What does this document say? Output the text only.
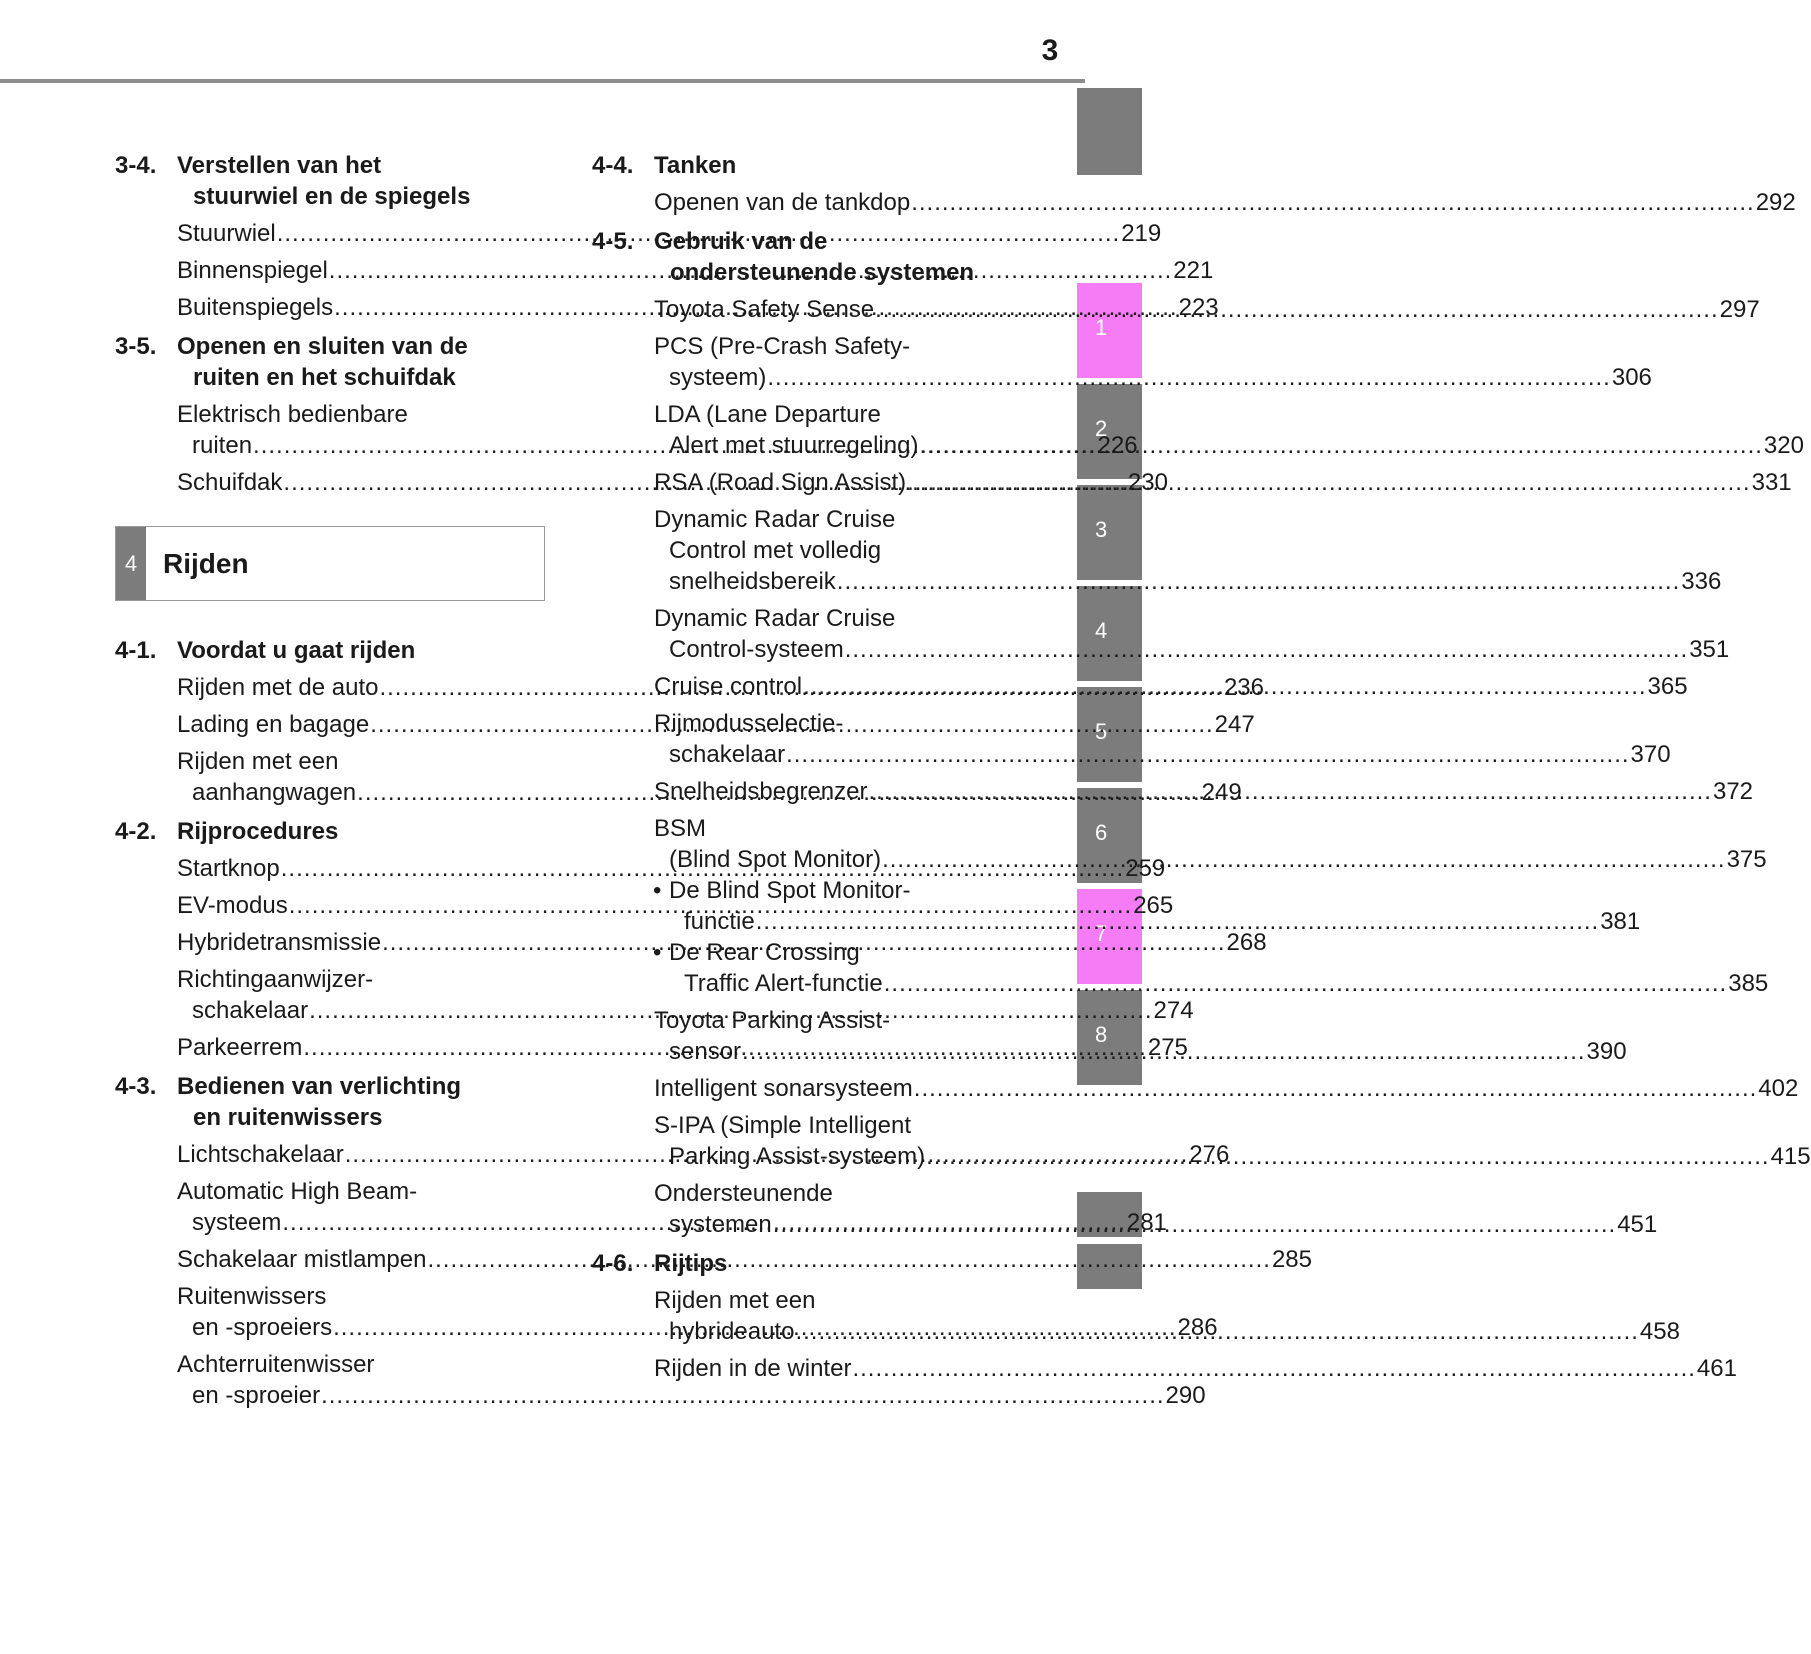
3
1
2
3
4
5
6
7
8
3-4. Verstellen van het
stuurwiel en de spiegels
Stuurwiel .....	219
Binnenspiegel .....	221
Buitenspiegels .....	223
3-5. Openen en sluiten van de
ruiten en het schuifdak
Elektrisch bedienbare
ruiten .....	226
Schuifdak .....	230
4 Rijden
4-1. Voordat u gaat rijden
Rijden met de auto .....	236
Lading en bagage .....	247
Rijden met een
aanhangwagen .....	249
4-2. Rijprocedures
Startknop .....	259
EV-modus .....	265
Hybridetransmissie .....	268
Richtingaanwijzer-
schakelaar .....	274
Parkeerrem .....	275
4-3. Bedienen van verlichting
en ruitenwissers
Lichtschakelaar .....	276
Automatic High Beam-
systeem .....	281
Schakelaar mistlampen .....	285
Ruitenwissers
en -sproeiers .....	286
Achterruitenwisser
en -sproeier .....	290
4-4. Tanken
Openen van de tankdop .....	292
4-5. Gebruik van de
ondersteunende systemen
Toyota Safety Sense .....	297
PCS (Pre-Crash Safety-
systeem) .....	306
LDA (Lane Departure
Alert met stuurregeling) .....	320
RSA (Road Sign Assist) .....	331
Dynamic Radar Cruise
Control met volledig
snelheidsbereik .....	336
Dynamic Radar Cruise
Control-systeem .....	351
Cruise control .....	365
Rijmodusselectie-
schakelaar .....	370
Snelheidsbegrenzer .....	372
BSM
(Blind Spot Monitor) .....	375
• De Blind Spot Monitor-
functie .....	381
• De Rear Crossing
Traffic Alert-functie .....	385
Toyota Parking Assist-
sensor .....	390
Intelligent sonarsysteem .....	402
S-IPA (Simple Intelligent
Parking Assist-systeem) .....	415
Ondersteunende
systemen .....	451
4-6. Rijtips
Rijden met een
hybrideauto .....	458
Rijden in de winter .....	461
